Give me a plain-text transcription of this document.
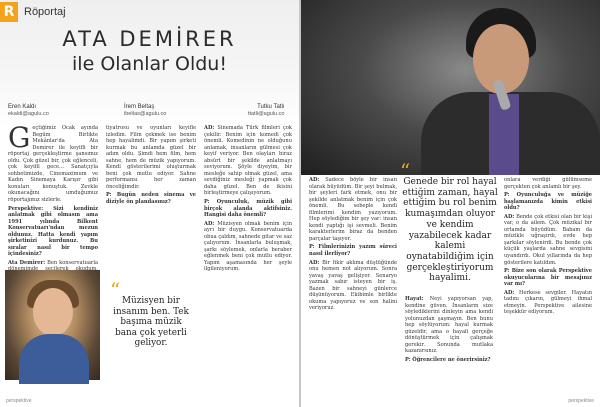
R Röportaj
ATA DEMİRER
ile Olanlar Oldu!
Eren Kaldı
ekaldi@agulu.co
İrem Beltaş
ibeltas@agulu.co
Tutku Tatlı
ttatli@agulu.co

Geçtiğimiz Ocak ayında Begüm Birlikte Mekânlar'da Ata Demirer ile keyifli bir röportaj gerçekleştirme şansımız oldu. Çok güzel bir, çok eğlenceli, çok keyifli gece... Sanatçıyla sohbetimizde, Cinemaximum ve Kadın Sinemaya Karışır gibi konuları konuştuk. Zevkle okunacağını umduğumuz röportajımız sizlerle.

Perspektive: Sizi kendiniz anlatmak gibi olmasın ama 1991 yılında Bilkent Konservatuarı'ndan mezun oldunuz. Hatta kendi yapım şirketinizi kurdunuz. Bu sıralar nasıl bir tempo içindesiniz?

Ata Demirer: Ben konservatuarla

tiyatrosu ve oyunları keyifle izledim. Film çekmek ise benim hep hayalimdi. Bir yapım şirketi kurmak bu anlamda güzel bir adım oldu. Şimdi hem film, hem sahne, hem de müzik yapıyorum. Kendi gösterilerimi oluşturmak beni çok mutlu ediyor. Sahne performansı her zaman önceliğimdir.

P: Bugün neden sinema ve diziyle ön plandasınız?

AD: Sinemada Türk filmleri çok çekilir. Benim için komedi çok önemli. Komedinin ne olduğunu anlamak, insanların gülmesi çok keyif veriyor. Ben olayları biraz absürt bir şekilde anlatmayı seviyorum. Şöyle diyeyim, bir mesleğe sahip olmak güzel, ama sevdiğiniz mesleği yapmak çok daha güzel. Ben de ikisini birleştirmeye çalışıyorum.

P: Oyunculuk, müzik gibi birçok alanda aktifsiniz. Hangisi daha önemli?

AD: Müzisyen olmak benim için ayrı bir duygu. Konservatuarda obua çaldım, sahnede gitar ve saz çalıyorum. İnsanlarla buluşmak, şarkı söylemek, onlarla beraber eğlenmek beni çok mutlu ediyor. Yapım aşamasında her şeyle ilgileniyorum.

“ Müzisyen bir insanım ben. Tek başıma müzik bana çok yeterli geliyor.
perspektive
“
Genede bir rol hayal ettiğim zaman, hayal ettiğim bu rol benim kumaşımdan oluyor ve kendim yazabilecek kadar kalemi oynatabildiğim için gerçekleştiriyorum hayalimi.

AD: Sadece böyle bir insan olarak büyüdüm. Bir şeyi bulmak, bir şeyleri fark etmek, onu bir şekilde anlatmak benim için çok önemli. Bu sebeple kendi filmlerimi kendim yazıyorum. Hep söylediğim bir şey var: insan kendi yaptığı işi sevmeli. Benim karakterlerim biraz da benden parçalar taşıyor.

P: Filmlerinizin yazım süreci nasıl ilerliyor?

AD: Bir fikir aklıma düştüğünde onu hemen not alıyorum. Sonra yavaş yavaş gelişiyor. Senaryo yazmak sabır isteyen bir iş. Bazen bir sahneyi günlerce düşünüyorum. Ekibimle birlikte okuma yapıyoruz ve son halini veriyoruz.

Hayat: Neyi yapıyorsan yap, kendine güven. İnsanların size söylediklerini dinleyin ama kendi yolunuzdan şaşmayın. Ben bunu hep söylüyorum: hayal kurmak güzeldir, ama o hayali gerçeğe dönüştürmek için çalışmak gerekir. Sonunda mutlaka kazanırsınız.

P: Öğrencilere ne önerirsiniz?

onlara verdiği gülümseme gerçekten çok anlamlı bir şey.

P: Oyunculuğa ve müziğe başlamanızda kimin etkisi oldu?

AD: Bende çok etkisi olan bir kişi var, o da ailem. Çok müzikal bir ortamda büyüdüm. Babam da müzikle uğraşırdı, evde hep şarkılar söylenirdi. Bu bende çok küçük yaşlarda sahne sevgisini uyandırdı. Okul yıllarında da hep gösterilere katıldım.

P: Bize son olarak Perspektive okuyucularına bir mesajınız var mı?

AD: Herkese sevgiler. Hayatın tadını çıkarın, gülmeyi ihmal etmeyin. Perspektive ailesine teşekkür ediyorum.

perspektive
